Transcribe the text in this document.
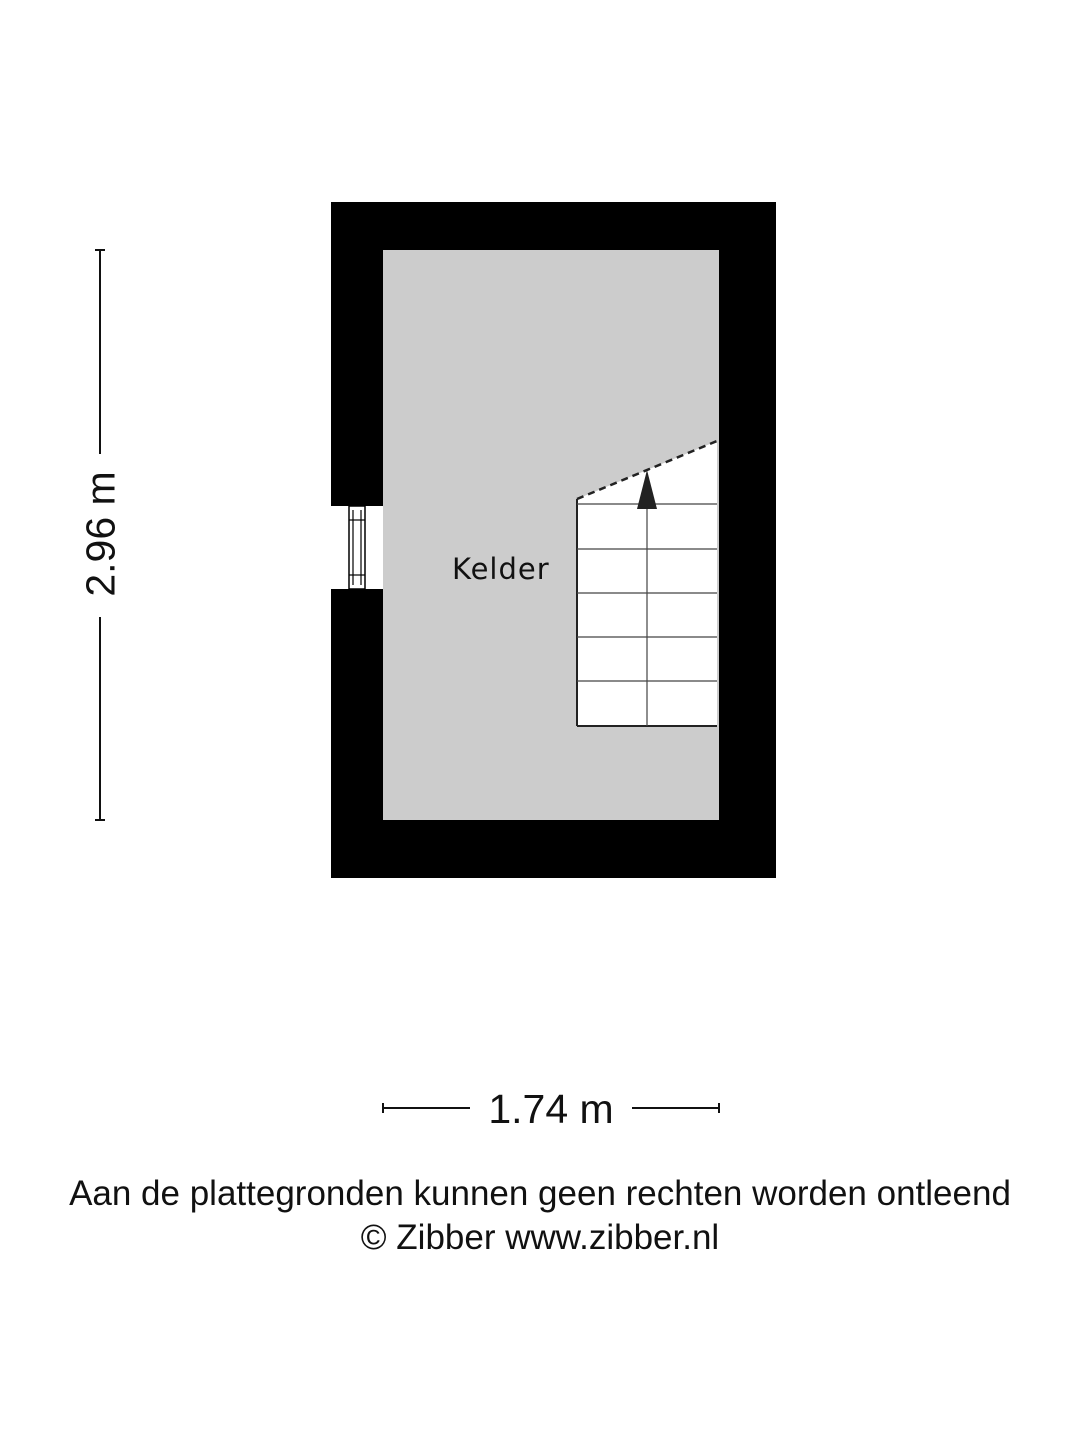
Kelder
2.96 m
1.74 m
Aan de plattegronden kunnen geen rechten worden ontleend
© Zibber www.zibber.nl
